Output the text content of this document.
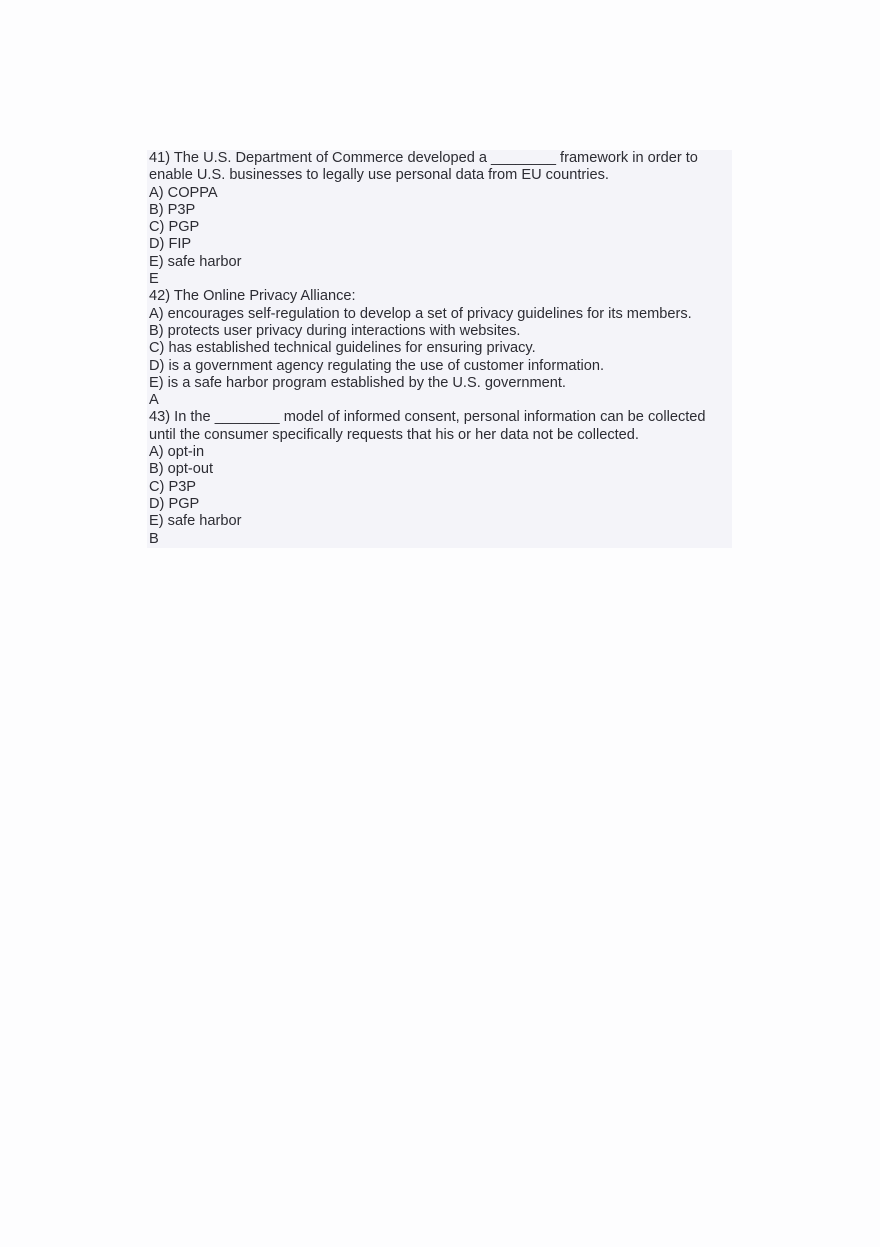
41) The U.S. Department of Commerce developed a ________ framework in order to
enable U.S. businesses to legally use personal data from EU countries.
A) COPPA
B) P3P
C) PGP
D) FIP
E) safe harbor
E
42) The Online Privacy Alliance:
A) encourages self-regulation to develop a set of privacy guidelines for its members.
B) protects user privacy during interactions with websites.
C) has established technical guidelines for ensuring privacy.
D) is a government agency regulating the use of customer information.
E) is a safe harbor program established by the U.S. government.
A
43) In the ________ model of informed consent, personal information can be collected
until the consumer specifically requests that his or her data not be collected.
A) opt-in
B) opt-out
C) P3P
D) PGP
E) safe harbor
B
